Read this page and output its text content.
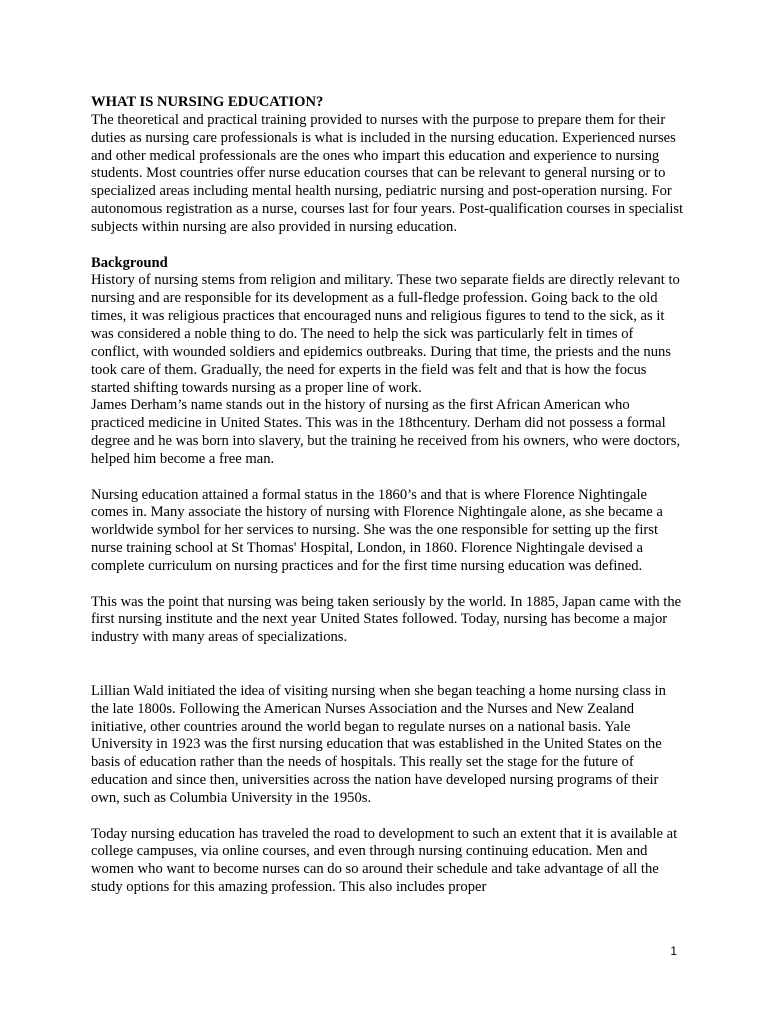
WHAT IS NURSING EDUCATION?

The theoretical and practical training provided to nurses with the purpose to prepare them for their duties as nursing care professionals is what is included in the nursing education. Experienced nurses and other medical professionals are the ones who impart this education and experience to nursing students. Most countries offer nurse education courses that can be relevant to general nursing or to specialized areas including mental health nursing, pediatric nursing and post-operation nursing. For autonomous registration as a nurse, courses last for four years. Post-qualification courses in specialist subjects within nursing are also provided in nursing education.

Background

History of nursing stems from religion and military. These two separate fields are directly relevant to nursing and are responsible for its development as a full-fledge profession. Going back to the old times, it was religious practices that encouraged nuns and religious figures to tend to the sick, as it was considered a noble thing to do. The need to help the sick was particularly felt in times of conflict, with wounded soldiers and epidemics outbreaks. During that time, the priests and the nuns took care of them. Gradually, the need for experts in the field was felt and that is how the focus started shifting towards nursing as a proper line of work.

James Derham’s name stands out in the history of nursing as the first African American who practiced medicine in United States. This was in the 18thcentury. Derham did not possess a formal degree and he was born into slavery, but the training he received from his owners, who were doctors, helped him become a free man.

Nursing education attained a formal status in the 1860’s and that is where Florence Nightingale comes in. Many associate the history of nursing with Florence Nightingale alone, as she became a worldwide symbol for her services to nursing. She was the one responsible for setting up the first nurse training school at St Thomas' Hospital, London, in 1860. Florence Nightingale devised a complete curriculum on nursing practices and for the first time nursing education was defined.

This was the point that nursing was being taken seriously by the world. In 1885, Japan came with the first nursing institute and the next year United States followed. Today, nursing has become a major industry with many areas of specializations.

Lillian Wald initiated the idea of visiting nursing when she began teaching a home nursing class in the late 1800s. Following the American Nurses Association and the Nurses and New Zealand initiative, other countries around the world began to regulate nurses on a national basis. Yale University in 1923 was the first nursing education that was established in the United States on the basis of education rather than the needs of hospitals. This really set the stage for the future of education and since then, universities across the nation have developed nursing programs of their own, such as Columbia University in the 1950s.

Today nursing education has traveled the road to development to such an extent that it is available at college campuses, via online courses, and even through nursing continuing education. Men and women who want to become nurses can do so around their schedule and take advantage of all the study options for this amazing profession. This also includes proper

1
